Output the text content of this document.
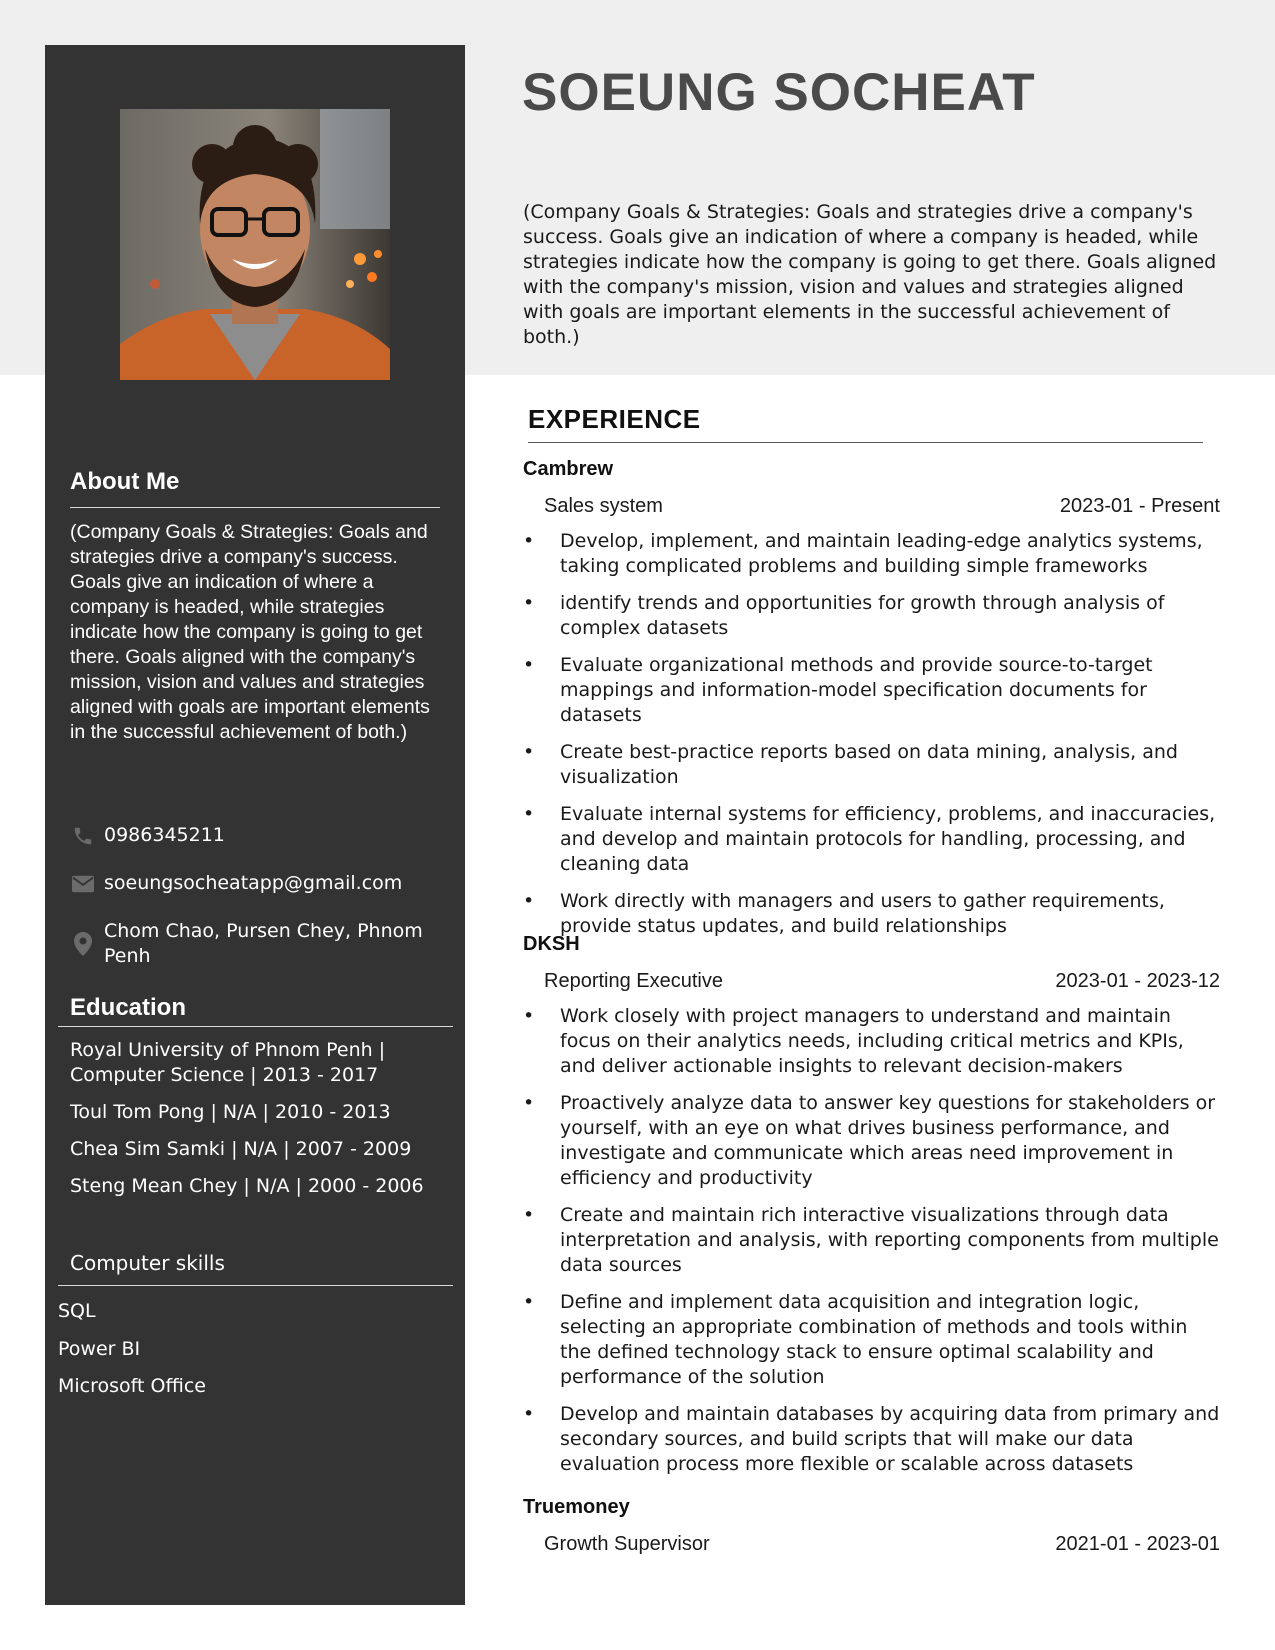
About Me
(Company Goals & Strategies: Goals and strategies drive a company's success. Goals give an indication of where a company is headed, while strategies indicate how the company is going to get there. Goals aligned with the company's mission, vision and values and strategies aligned with goals are important elements in the successful achievement of both.)
0986345211
soeungsocheatapp@gmail.com
Chom Chao, Pursen Chey, Phnom Penh
Education
Royal University of Phnom Penh | Computer Science | 2013 - 2017
Toul Tom Pong | N/A | 2010 - 2013
Chea Sim Samki | N/A | 2007 - 2009
Steng Mean Chey | N/A | 2000 - 2006
Computer skills
SQL
Power BI
Microsoft Office
SOEUNG SOCHEAT
(Company Goals & Strategies: Goals and strategies drive a company's success. Goals give an indication of where a company is headed, while strategies indicate how the company is going to get there. Goals aligned with the company's mission, vision and values and strategies aligned with goals are important elements in the successful achievement of both.)
EXPERIENCE
Cambrew
Sales system	2023-01 - Present
• Develop, implement, and maintain leading-edge analytics systems, taking complicated problems and building simple frameworks
• identify trends and opportunities for growth through analysis of complex datasets
• Evaluate organizational methods and provide source-to-target mappings and information-model specification documents for datasets
• Create best-practice reports based on data mining, analysis, and visualization
• Evaluate internal systems for efficiency, problems, and inaccuracies, and develop and maintain protocols for handling, processing, and cleaning data
• Work directly with managers and users to gather requirements, provide status updates, and build relationships
DKSH
Reporting Executive	2023-01 - 2023-12
• Work closely with project managers to understand and maintain focus on their analytics needs, including critical metrics and KPIs, and deliver actionable insights to relevant decision-makers
• Proactively analyze data to answer key questions for stakeholders or yourself, with an eye on what drives business performance, and investigate and communicate which areas need improvement in efficiency and productivity
• Create and maintain rich interactive visualizations through data interpretation and analysis, with reporting components from multiple data sources
• Define and implement data acquisition and integration logic, selecting an appropriate combination of methods and tools within the defined technology stack to ensure optimal scalability and performance of the solution
• Develop and maintain databases by acquiring data from primary and secondary sources, and build scripts that will make our data evaluation process more flexible or scalable across datasets
Truemoney
Growth Supervisor	2021-01 - 2023-01
